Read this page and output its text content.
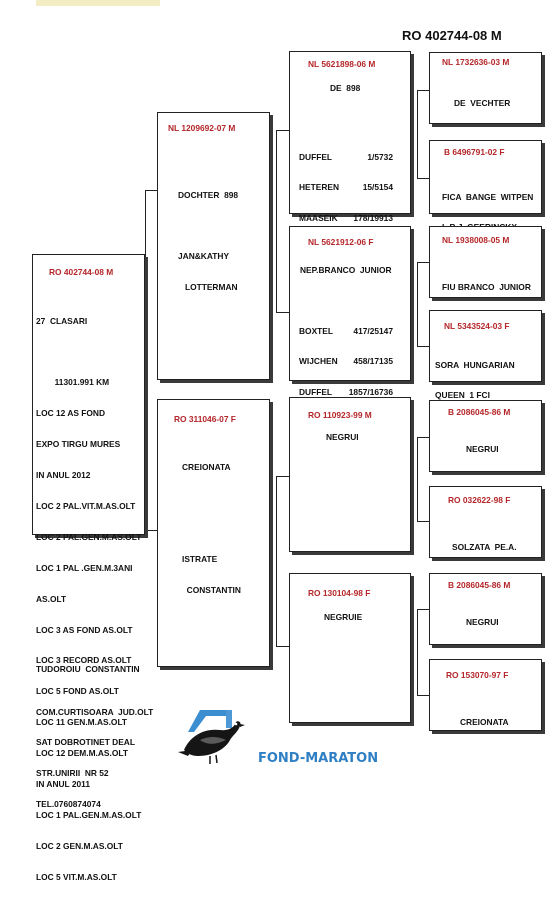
RO 402744-08 M
RO 402744-08 M

27  CLASARI

11301.991 KM

LOC 12 AS FOND

EXPO TIRGU MURES

IN ANUL 2012

LOC 2 PAL.VIT.M.AS.OLT

LOC 2 PAL.GEN.M.AS.OLT

LOC 1 PAL .GEN.M.3ANI

AS.OLT

LOC 3 AS FOND AS.OLT

LOC 3 RECORD AS.OLT

LOC 5 FOND AS.OLT

LOC 11 GEN.M.AS.OLT

LOC 12 DEM.M.AS.OLT

IN ANUL 2011

LOC 1 PAL.GEN.M.AS.OLT

LOC 2 GEN.M.AS.OLT

LOC 5 VIT.M.AS.OLT

NL 1209692-07 M

DOCHTER  898

JAN&KATHY

LOTTERMAN

RO 311046-07 F

CREIONATA

ISTRATE

CONSTANTIN

NL 5621898-06 M
DE  898

DUFFEL	1/5732

HETEREN	15/5154

MAASEIK 178/19913

NL 5621912-06 F
NEP.BRANCO  JUNIOR

BOXTEL 417/25147

WIJCHEN 458/17135

DUFFEL 1857/16736

RO 110923-99 M
NEGRUI
RO 130104-98 F
NEGRUIE
NL 1732636-03 M

DE  VECHTER

B 6496791-02 F

FICA  BANGE  WITPEN

NL 1938008-05 M

FIU BRANCO  JUNIOR

NL 5343524-03 F

SORA  HUNGARIAN

QUEEN  1 FCI

B 2086045-86 M

NEGRUI

RO 032622-98 F

SOLZATA  PE.A.

B 2086045-86 M

NEGRUI

RO 153070-97 F

CREIONATA

TUDOROIU  CONSTANTIN

COM.CURTISOARA  JUD.OLT

SAT DOBROTINET DEAL

STR.UNIRII  NR 52

TEL.0760874074

FOND-MARATON
